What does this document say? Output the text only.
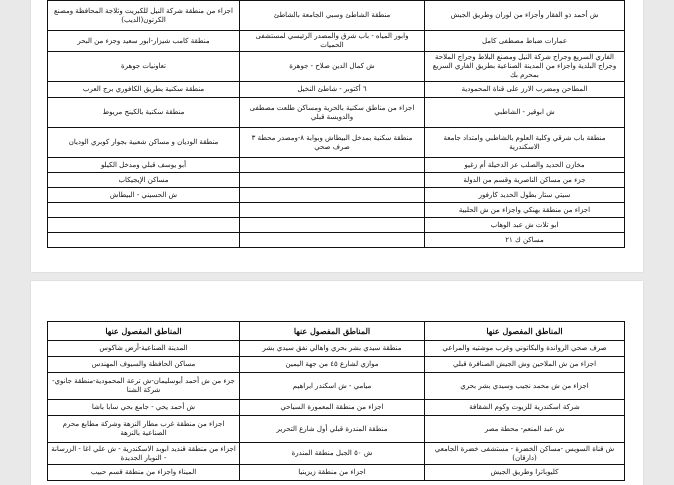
ش أحمد ذو الفقار وأجزاء من لوران وطريق الجيش	منطقة الشاطئ وسبي الجامعة بالشاطئ	اجزاء من منطقة شركة النيل للكبريت وثلاجة المحافظة ومصنع الكرتون(الديب)
عمارات ضباط مصطفى كامل	وابور المياه - باب شرق والمصدر الرئيسي لمستشفى الحميات	منطقة كامب شيزار-ابور سعيد وجزء من البحر
الفاري السريع وجراج شركة النيل ومصنع البلاط وجراج الملاحة وجراج البلدية واجزاء من المدينة الصناعية بطريق الفاري السريع بمحرم بك	ش كمال الدين صلاح - جوهرة	تعاونيات جوهرة
المطاحن ومضرب الارز على قناة المحمودية	٦ أكتوبر - شاطئ النخيل	منطقة سكنية بطريق الكافوري برج العرب
ش ابوقير - الشاطبي	اجزاء من مناطق سكنية بالحرية ومساكن طلعت مصطفى والدويسة قبلي	منطقة سكنية بالكينج مريوط
منطقة باب شرقي وكلية العلوم بالشاطبي وامتداد جامعة الاسكندرية	منطقة سكنية بمدخل البيطاش وبوابة ٨-ومصدر محطة ٣ صرف صحي	منطقة الوديان و مساكن شعبية بجوار كوبري الوديان
مخازن الحديد والصلب عز الدخيلة أم زغيو		أبو يوسف قبلي ومدخل الكيلو
جزء من مساكن الناصرية وقسم من الدولة		مساكن الإيجيكاب
سيتي ستار بطول الحديد كارفور		ش الحسيني - البيطاش
اجزاء من منطقة بهنكي واجزاء من ش الحلبية		
ابو تلات ش عبد الوهاب		
مساكن ك ٢١		
المناطق المفصول عنها	المناطق المفصول عنها	المناطق المفصول عنها
صرف صحي الرواندة والبكاتوني وغرب موشتيه والمراعي	منطقة سيدي بشر بحري واهالي نفق سيدي بشر	المدينة الصناعية-أرض شاكوس
اجزاء من ش الملاحين وش الجيش الصنافرة قبلي	موازي لشارع ٤٥ من جهة اليمين	مساكن الحافظة والسيوف المهندس
اجزاء من ش محمد نجيب وسيدي بشر بحري	ميامي - ش اسكندر ابراهيم	جزء من ش أحمد أبوسليمان-ش ترعة المحمودية-منطقة جانوي-شركة الشنا
شركة اسكندرية للزيوت وكوم الشقافة	اجزاء من منطقة المعمورة السياحي	ش أحمد يحي - جامع بحي سابا باشا
ش عبد المنعم- محطة مصر	منطقة المندرة قبلي أول شارع التحرير	اجزاء من منطقة غرب مطار النزهة وشركة مطابع محرم الصناعية بالنزهة
ش قناة السويس -مساكن الخضرة - مستشفى خضرة الجامعي (دارقان)	ش ٥٠ الجبل منطقة المندرة	اجزاء من منطقة قنديد ابوبد الاسكندرية - ش علي اغا - الزرسانة - النوبار الجديدة
كليوباترا وطريق الجيش	اجزاء من منطقة زيزينيا	الميناء واجزاء من منطقة قسم حبيب
